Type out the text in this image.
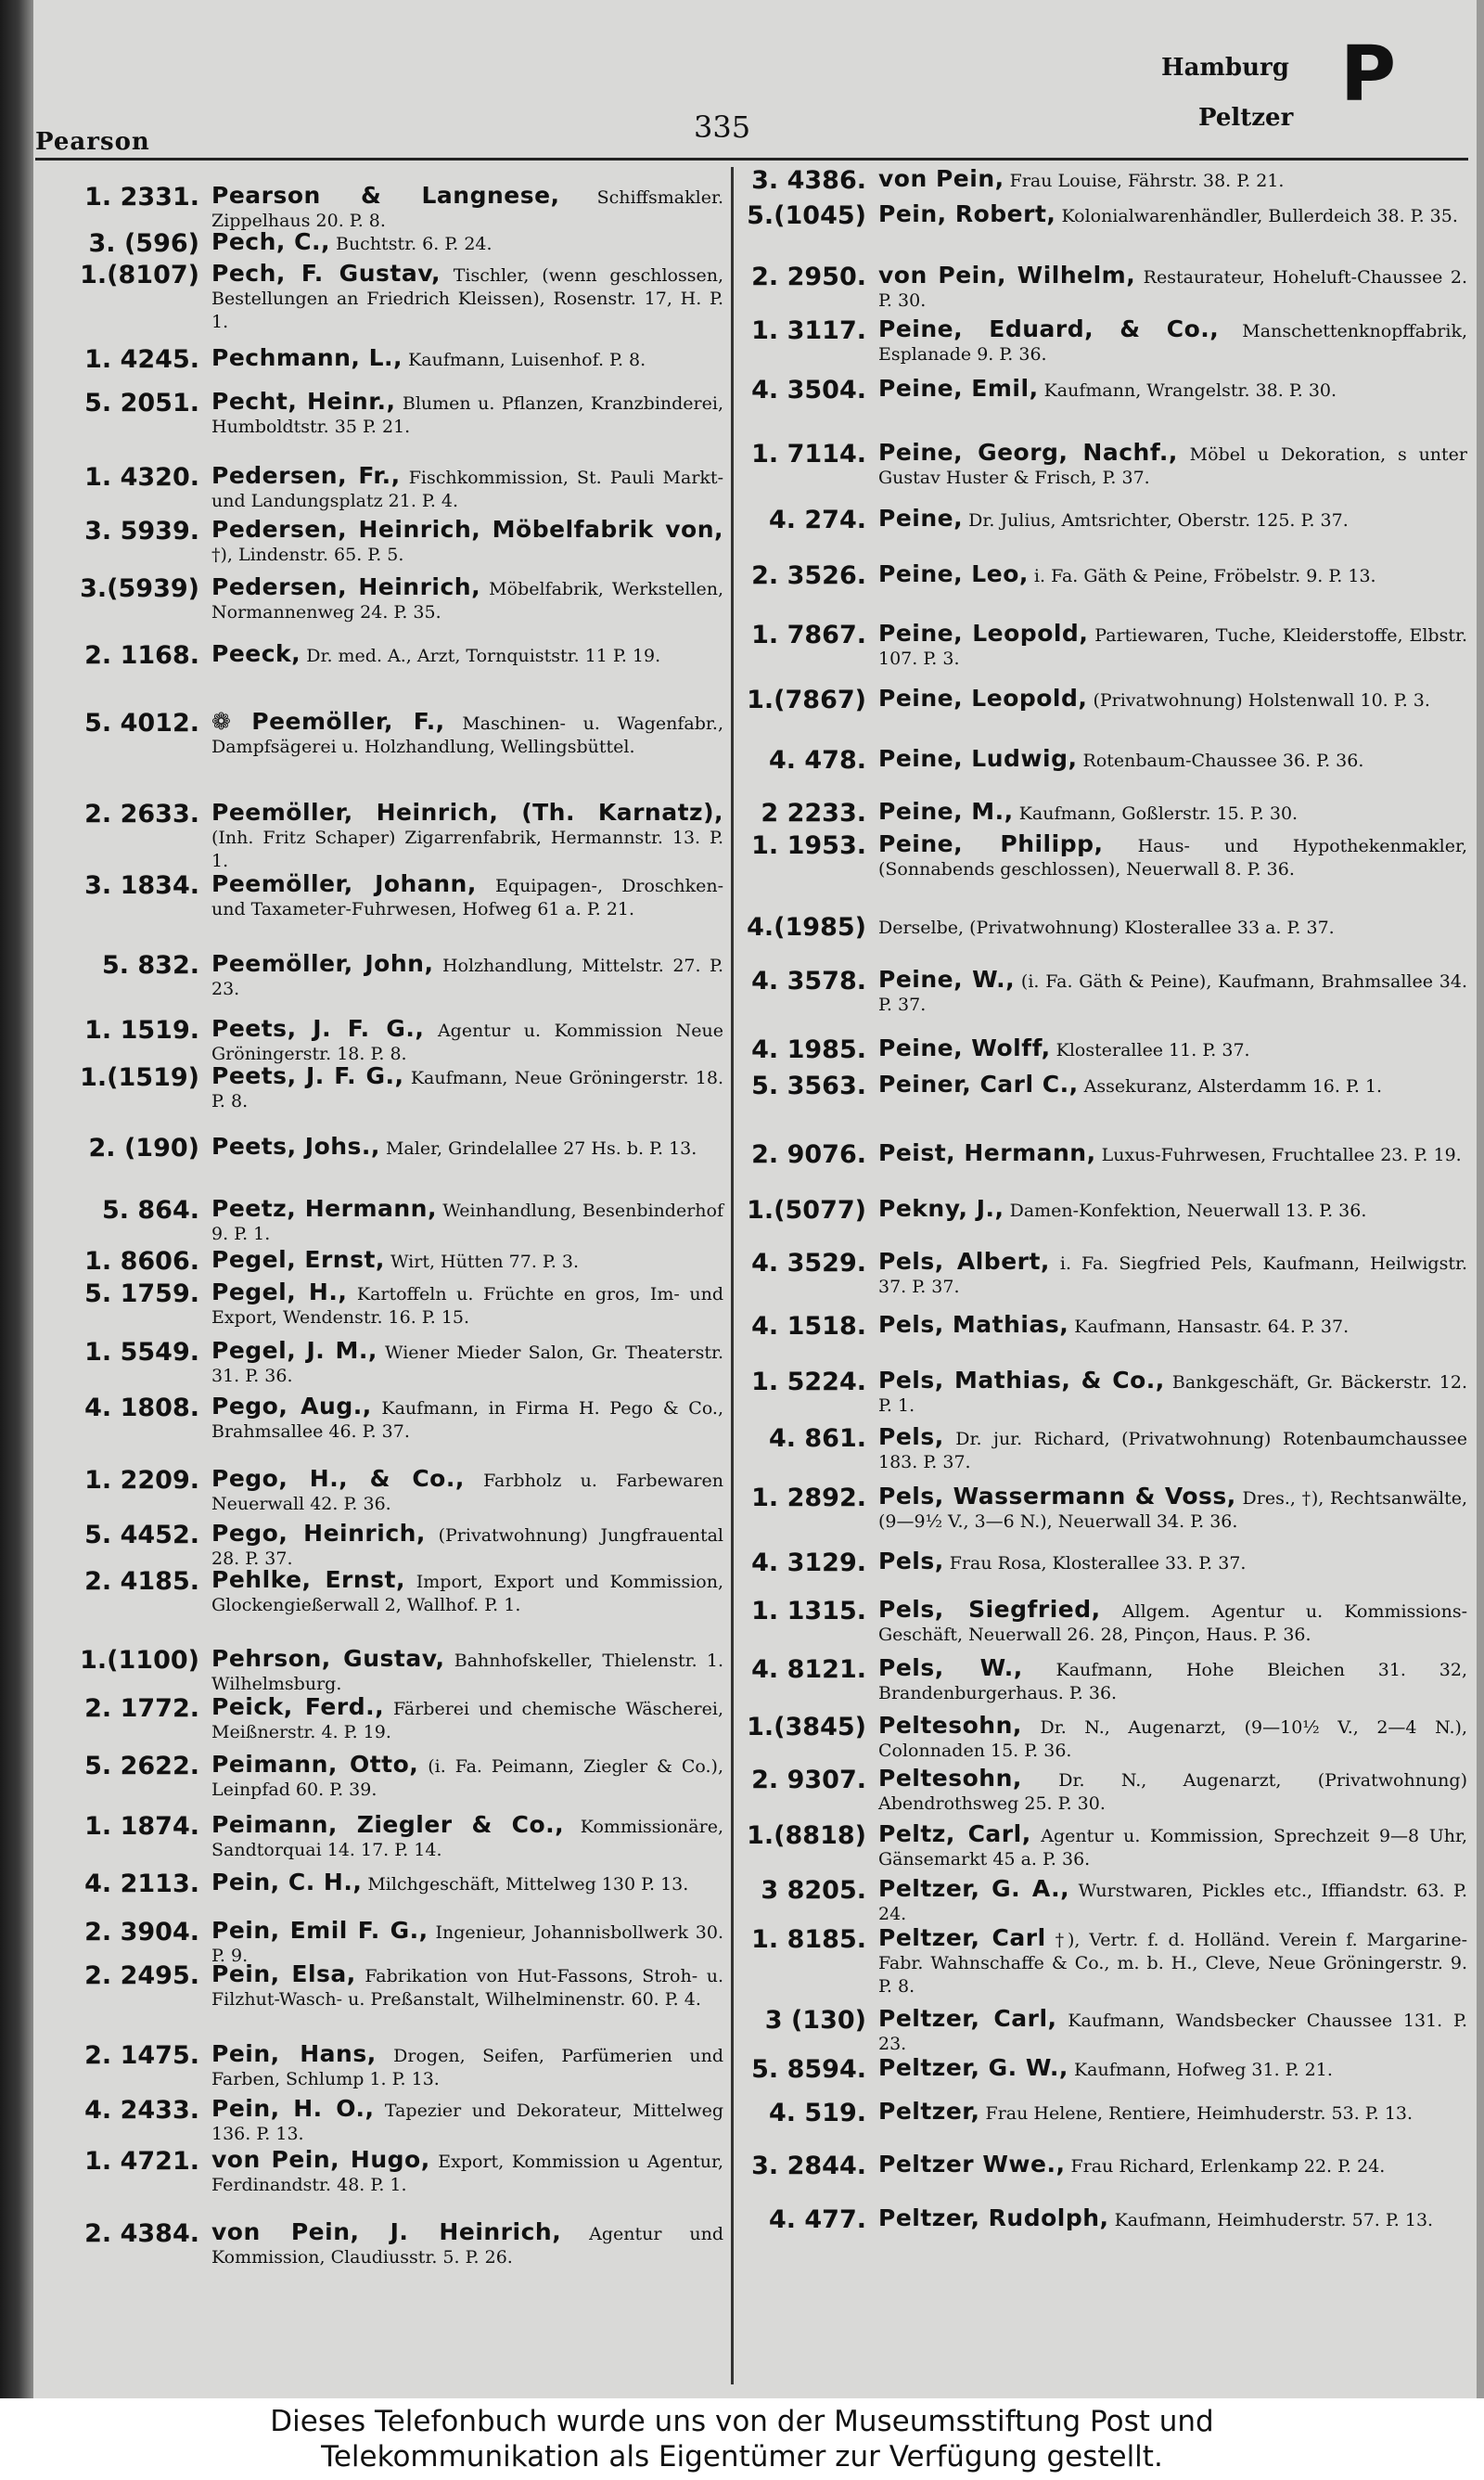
Pearson	335
Hamburg P
Peltzer
1. 2331. Pearson & Langnese, Schiffsmakler. Zippelhaus 20. P. 8.
3. (596) Pech, C., Buchtstr. 6. P. 24.
1.(8107) Pech, F. Gustav, Tischler, (wenn geschlossen, Bestellungen an Friedrich Kleissen), Rosenstr. 17, H. P. 1.
1. 4245. Pechmann, L., Kaufmann, Luisenhof. P. 8.
5. 2051. Pecht, Heinr., Blumen u. Pflanzen, Kranzbinderei, Humboldtstr. 35 P. 21.
1. 4320. Pedersen, Fr., Fischkommission, St. Pauli Markt- und Landungsplatz 21. P. 4.
3. 5939. Pedersen, Heinrich, Möbelfabrik von, †), Lindenstr. 65. P. 5.
3.(5939) Pedersen, Heinrich, Möbelfabrik, Werkstellen, Normannenweg 24. P. 35.
2. 1168. Peeck, Dr. med. A., Arzt, Tornquiststr. 11 P. 19.
5. 4012. ❁ Peemöller, F., Maschinen- u. Wagenfabr., Dampfsägerei u. Holzhandlung, Wellingsbüttel.
2. 2633. Peemöller, Heinrich, (Th. Karnatz), (Inh. Fritz Schaper) Zigarrenfabrik, Hermannstr. 13. P. 1.
3. 1834. Peemöller, Johann, Equipagen-, Droschken- und Taxameter-Fuhrwesen, Hofweg 61 a. P. 21.
5. 832. Peemöller, John, Holzhandlung, Mittelstr. 27. P. 23.
1. 1519. Peets, J. F. G., Agentur u. Kommission Neue Gröningerstr. 18. P. 8.
1.(1519) Peets, J. F. G., Kaufmann, Neue Gröningerstr. 18. P. 8.
2. (190) Peets, Johs., Maler, Grindelallee 27 Hs. b. P. 13.
5. 864. Peetz, Hermann, Weinhandlung, Besenbinderhof 9. P. 1.
1. 8606. Pegel, Ernst, Wirt, Hütten 77. P. 3.
5. 1759. Pegel, H., Kartoffeln u. Früchte en gros, Im- und Export, Wendenstr. 16. P. 15.
1. 5549. Pegel, J. M., Wiener Mieder Salon, Gr. Theaterstr. 31. P. 36.
4. 1808. Pego, Aug., Kaufmann, in Firma H. Pego & Co., Brahmsallee 46. P. 37.
1. 2209. Pego, H., & Co., Farbholz u. Farbewaren Neuerwall 42. P. 36.
5. 4452. Pego, Heinrich, (Privatwohnung) Jungfrauental 28. P. 37.
2. 4185. Pehlke, Ernst, Import, Export und Kommission, Glockengießerwall 2, Wallhof. P. 1.
1.(1100) Pehrson, Gustav, Bahnhofskeller, Thielenstr. 1. Wilhelmsburg.
2. 1772. Peick, Ferd., Färberei und chemische Wäscherei, Meißnerstr. 4. P. 19.
5. 2622. Peimann, Otto, (i. Fa. Peimann, Ziegler & Co.), Leinpfad 60. P. 39.
1. 1874. Peimann, Ziegler & Co., Kommissionäre, Sandtorquai 14. 17. P. 14.
4. 2113. Pein, C. H., Milchgeschäft, Mittelweg 130 P. 13.
2. 3904. Pein, Emil F. G., Ingenieur, Johannisbollwerk 30. P. 9.
2. 2495. Pein, Elsa, Fabrikation von Hut-Fassons, Stroh- u. Filzhut-Wasch- u. Preßanstalt, Wilhelminenstr. 60. P. 4.
2. 1475. Pein, Hans, Drogen, Seifen, Parfümerien und Farben, Schlump 1. P. 13.
4. 2433. Pein, H. O., Tapezier und Dekorateur, Mittelweg 136. P. 13.
1. 4721. von Pein, Hugo, Export, Kommission u Agentur, Ferdinandstr. 48. P. 1.
2. 4384. von Pein, J. Heinrich, Agentur und Kommission, Claudiusstr. 5. P. 26.
3. 4386. von Pein, Frau Louise, Fährstr. 38. P. 21.
5.(1045) Pein, Robert, Kolonialwarenhändler, Bullerdeich 38. P. 35.
2. 2950. von Pein, Wilhelm, Restaurateur, Hoheluft-Chaussee 2. P. 30.
1. 3117. Peine, Eduard, & Co., Manschettenknopffabrik, Esplanade 9. P. 36.
4. 3504. Peine, Emil, Kaufmann, Wrangelstr. 38. P. 30.
1. 7114. Peine, Georg, Nachf., Möbel u Dekoration, s unter Gustav Huster & Frisch, P. 37.
4. 274. Peine, Dr. Julius, Amtsrichter, Oberstr. 125. P. 37.
2. 3526. Peine, Leo, i. Fa. Gäth & Peine, Fröbelstr. 9. P. 13.
1. 7867. Peine, Leopold, Partiewaren, Tuche, Kleiderstoffe, Elbstr. 107. P. 3.
1.(7867) Peine, Leopold, (Privatwohnung) Holstenwall 10. P. 3.
4. 478. Peine, Ludwig, Rotenbaum-Chaussee 36. P. 36.
2 2233. Peine, M., Kaufmann, Goßlerstr. 15. P. 30.
1. 1953. Peine, Philipp, Haus- und Hypothekenmakler, (Sonnabends geschlossen), Neuerwall 8. P. 36.
4.(1985) Derselbe, (Privatwohnung) Klosterallee 33 a. P. 37.
4. 3578. Peine, W., (i. Fa. Gäth & Peine), Kaufmann, Brahmsallee 34. P. 37.
4. 1985. Peine, Wolff, Klosterallee 11. P. 37.
5. 3563. Peiner, Carl C., Assekuranz, Alsterdamm 16. P. 1.
2. 9076. Peist, Hermann, Luxus-Fuhrwesen, Fruchtallee 23. P. 19.
1.(5077) Pekny, J., Damen-Konfektion, Neuerwall 13. P. 36.
4. 3529. Pels, Albert, i. Fa. Siegfried Pels, Kaufmann, Heilwigstr. 37. P. 37.
4. 1518. Pels, Mathias, Kaufmann, Hansastr. 64. P. 37.
1. 5224. Pels, Mathias, & Co., Bankgeschäft, Gr. Bäckerstr. 12. P. 1.
4. 861. Pels, Dr. jur. Richard, (Privatwohnung) Rotenbaumchaussee 183. P. 37.
1. 2892. Pels, Wassermann & Voss, Dres., †), Rechtsanwälte, (9—9½ V., 3—6 N.), Neuerwall 34. P. 36.
4. 3129. Pels, Frau Rosa, Klosterallee 33. P. 37.
1. 1315. Pels, Siegfried, Allgem. Agentur u. Kommissions-Geschäft, Neuerwall 26. 28, Pinçon, Haus. P. 36.
4. 8121. Pels, W., Kaufmann, Hohe Bleichen 31. 32, Brandenburgerhaus. P. 36.
1.(3845) Peltesohn, Dr. N., Augenarzt, (9—10½ V., 2—4 N.), Colonnaden 15. P. 36.
2. 9307. Peltesohn, Dr. N., Augenarzt, (Privatwohnung) Abendrothsweg 25. P. 30.
1.(8818) Peltz, Carl, Agentur u. Kommission, Sprechzeit 9—8 Uhr, Gänsemarkt 45 a. P. 36.
3 8205. Peltzer, G. A., Wurstwaren, Pickles etc., Iffiandstr. 63. P. 24.
1. 8185. Peltzer, Carl †), Vertr. f. d. Holländ. Verein f. Margarine-Fabr. Wahnschaffe & Co., m. b. H., Cleve, Neue Gröningerstr. 9. P. 8.
3 (130) Peltzer, Carl, Kaufmann, Wandsbecker Chaussee 131. P. 23.
5. 8594. Peltzer, G. W., Kaufmann, Hofweg 31. P. 21.
4. 519. Peltzer, Frau Helene, Rentiere, Heimhuderstr. 53. P. 13.
3. 2844. Peltzer Wwe., Frau Richard, Erlenkamp 22. P. 24.
4. 477. Peltzer, Rudolph, Kaufmann, Heimhuderstr. 57. P. 13.
Dieses Telefonbuch wurde uns von der Museumsstiftung Post und
Telekommunikation als Eigentümer zur Verfügung gestellt.
